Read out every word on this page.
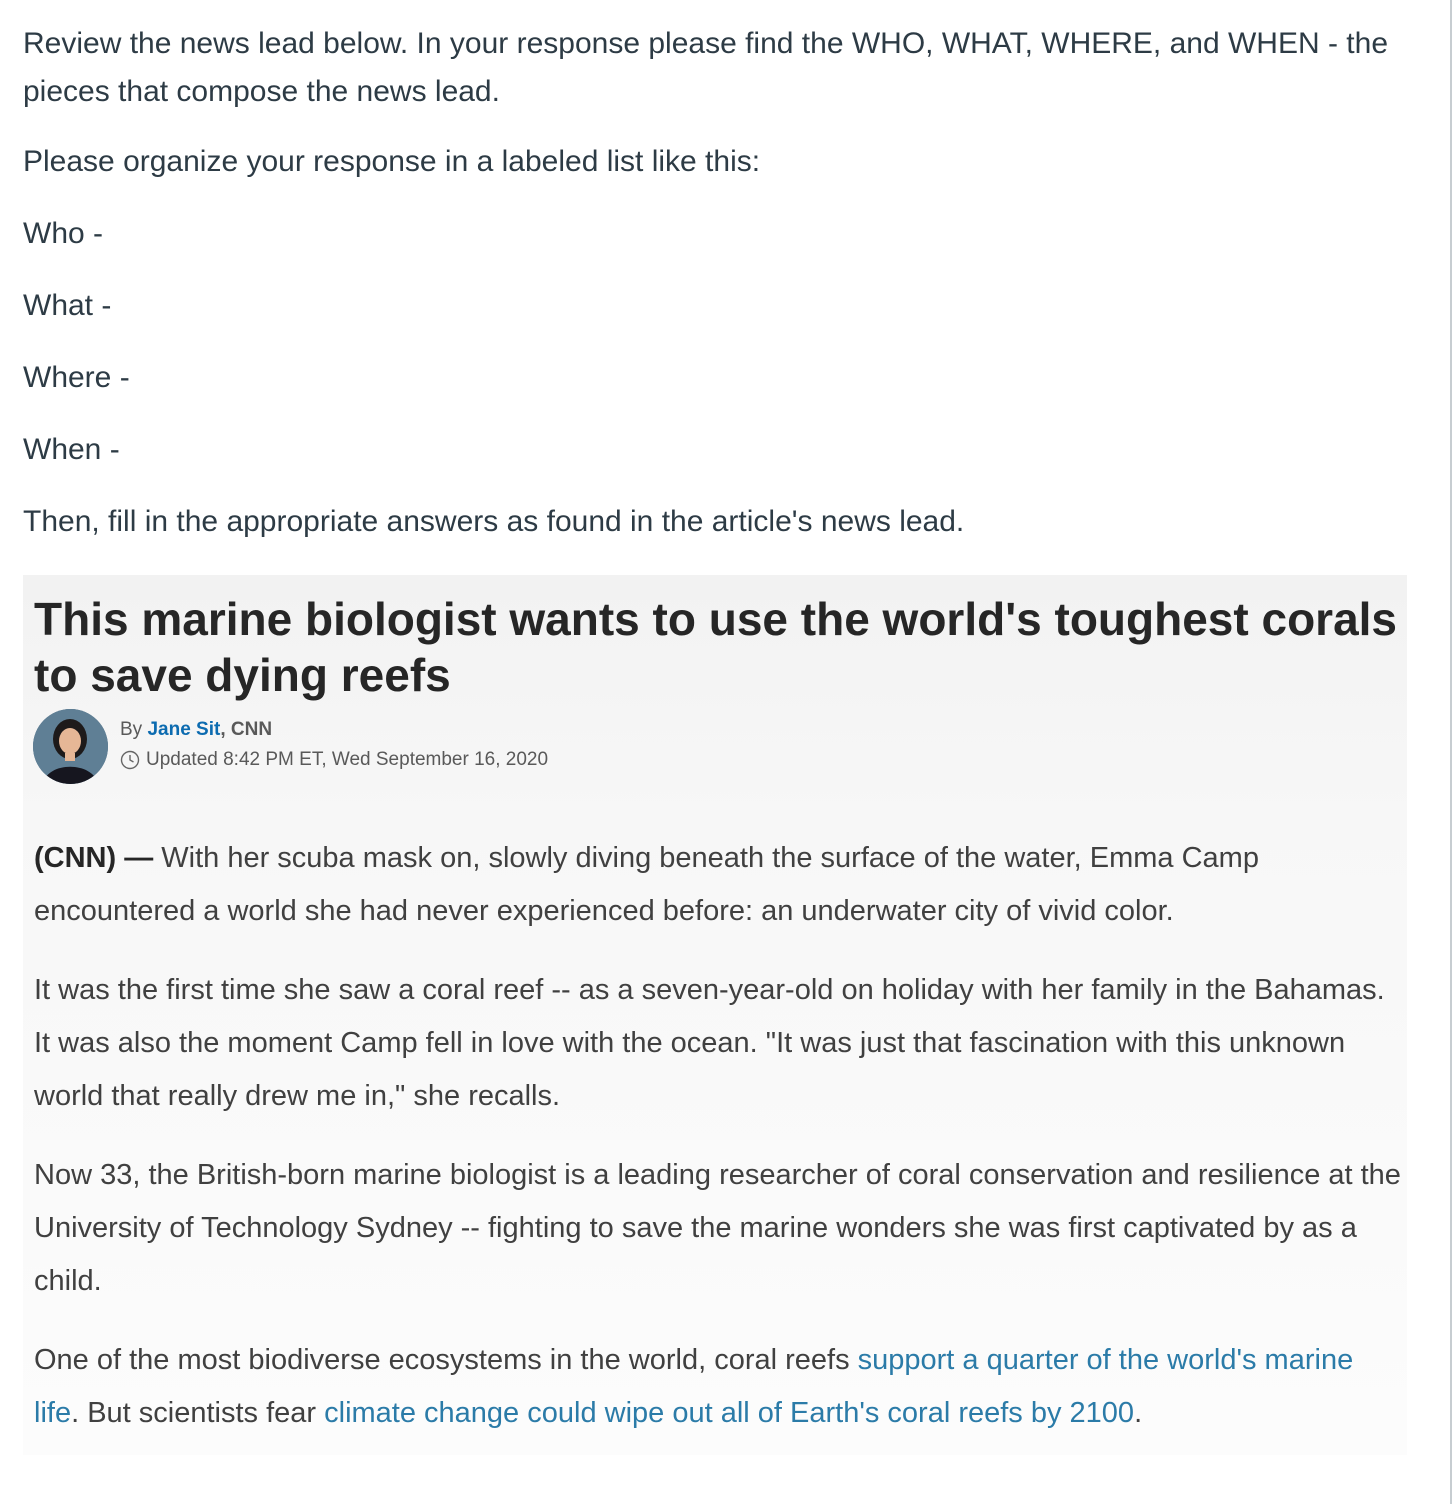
Review the news lead below. In your response please find the WHO, WHAT, WHERE, and WHEN - the pieces that compose the news lead.

Please organize your response in a labeled list like this:

Who -

What -

Where -

When -

Then, fill in the appropriate answers as found in the article's news lead.

This marine biologist wants to use the world's toughest corals to save dying reefs
By Jane Sit, CNN
Updated 8:42 PM ET, Wed September 16, 2020

(CNN) — With her scuba mask on, slowly diving beneath the surface of the water, Emma Camp encountered a world she had never experienced before: an underwater city of vivid color.

It was the first time she saw a coral reef -- as a seven-year-old on holiday with her family in the Bahamas. It was also the moment Camp fell in love with the ocean. "It was just that fascination with this unknown world that really drew me in," she recalls.

Now 33, the British-born marine biologist is a leading researcher of coral conservation and resilience at the University of Technology Sydney -- fighting to save the marine wonders she was first captivated by as a child.

One of the most biodiverse ecosystems in the world, coral reefs support a quarter of the world's marine life. But scientists fear climate change could wipe out all of Earth's coral reefs by 2100.
